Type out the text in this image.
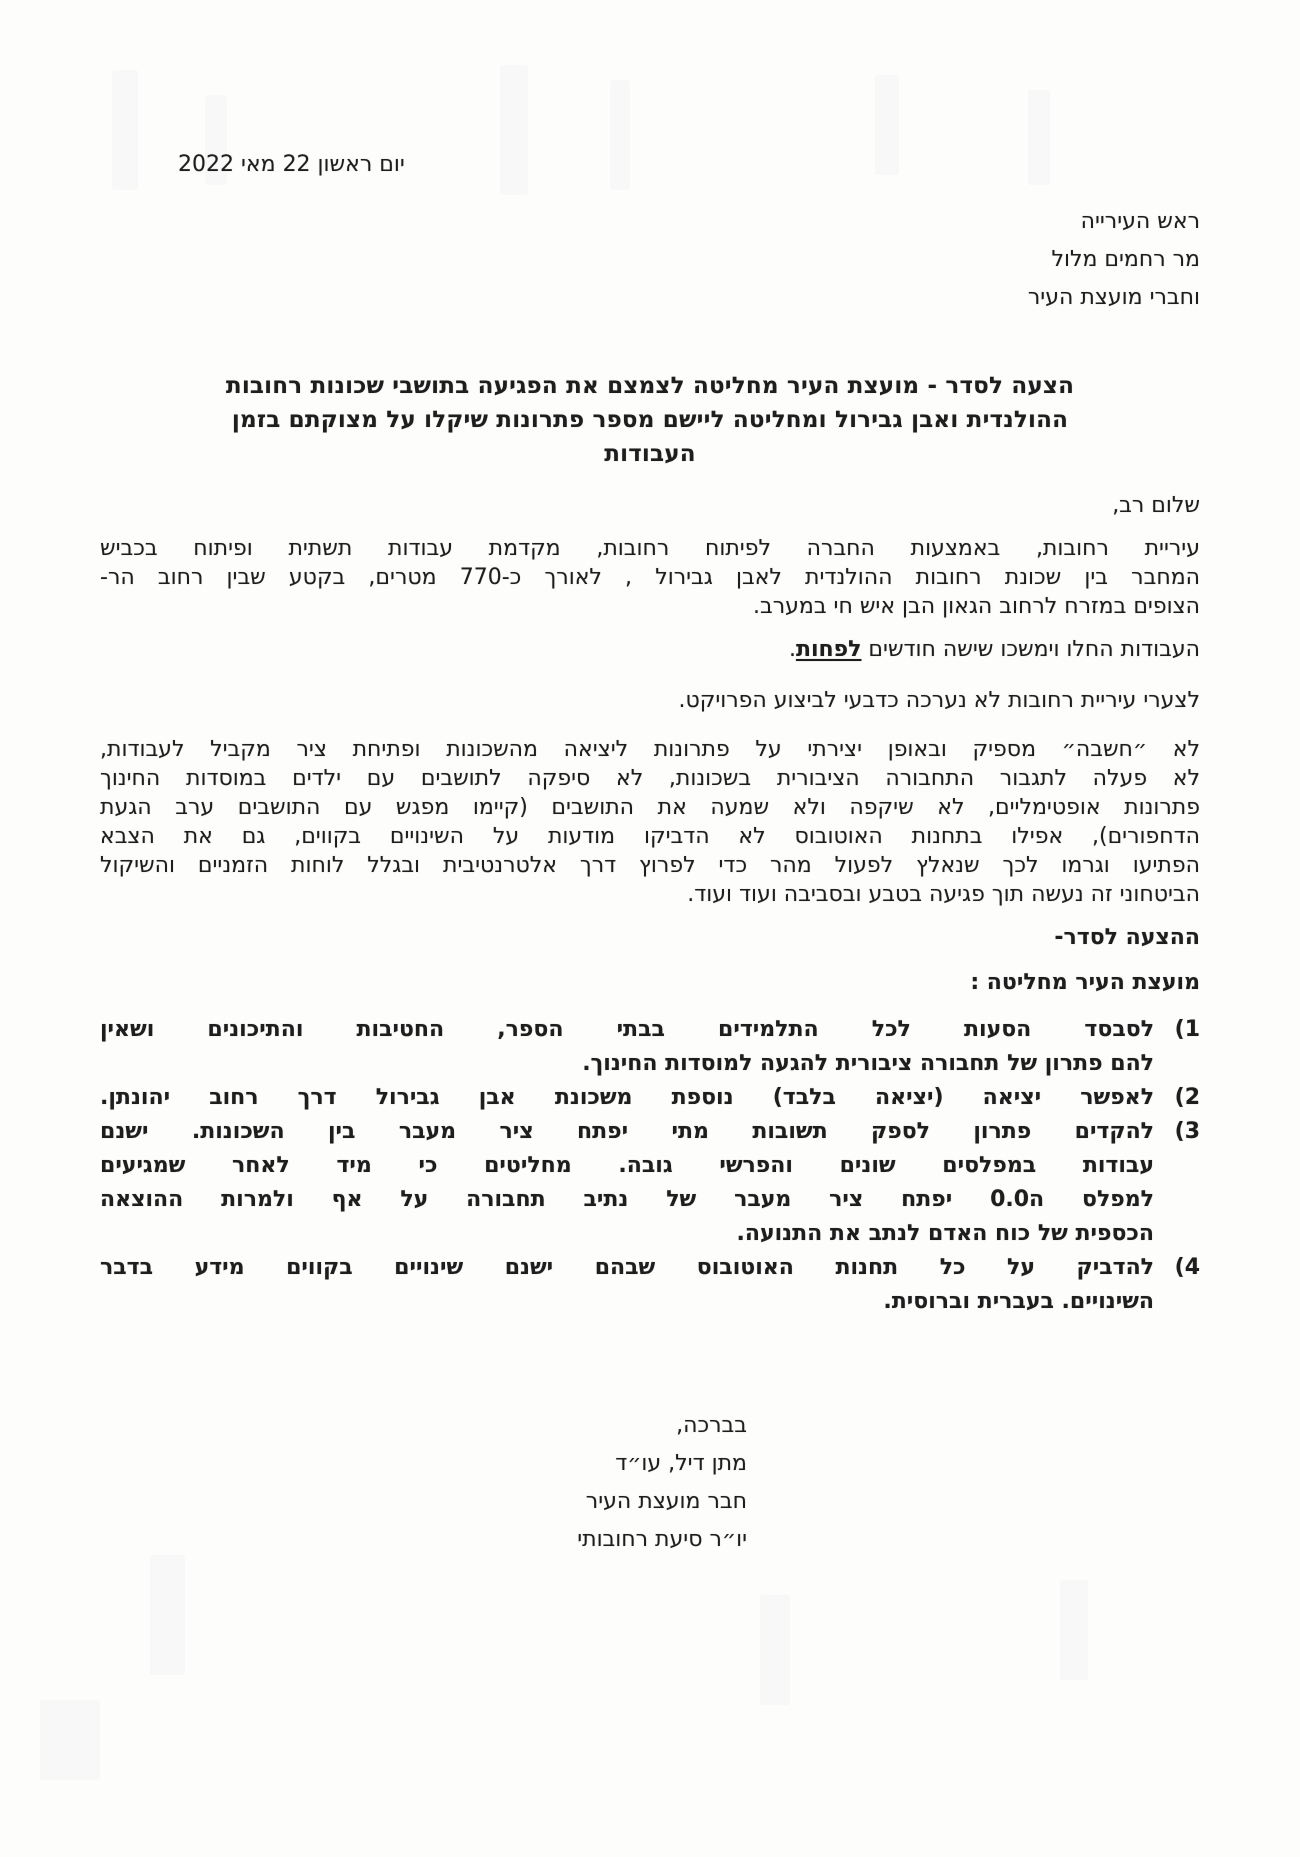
יום ראשון 22 מאי 2022
ראש העירייה
מר רחמים מלול
וחברי מועצת העיר
הצעה לסדר - מועצת העיר מחליטה לצמצם את הפגיעה בתושבי שכונות רחובות
ההולנדית ואבן גבירול ומחליטה ליישם מספר פתרונות שיקלו על מצוקתם בזמן
העבודות
שלום רב,
עיריית רחובות, באמצעות החברה לפיתוח רחובות, מקדמת עבודות תשתית ופיתוח בכביש
המחבר בין שכונת רחובות ההולנדית לאבן גבירול , לאורך כ-770 מטרים, בקטע שבין רחוב הר-
הצופים במזרח לרחוב הגאון הבן איש חי במערב.
העבודות החלו וימשכו שישה חודשים לפחות.
לצערי עיריית רחובות לא נערכה כדבעי לביצוע הפרויקט.
לא ״חשבה״ מספיק ובאופן יצירתי על פתרונות ליציאה מהשכונות ופתיחת ציר מקביל לעבודות,
לא פעלה לתגבור התחבורה הציבורית בשכונות, לא סיפקה לתושבים עם ילדים במוסדות החינוך
פתרונות אופטימליים, לא שיקפה ולא שמעה את התושבים (קיימו מפגש עם התושבים ערב הגעת
הדחפורים), אפילו בתחנות האוטובוס לא הדביקו מודעות על השינויים בקווים, גם את הצבא
הפתיעו וגרמו לכך שנאלץ לפעול מהר כדי לפרוץ דרך אלטרנטיבית ובגלל לוחות הזמניים והשיקול
הביטחוני זה נעשה תוך פגיעה בטבע ובסביבה ועוד ועוד.
ההצעה לסדר-
מועצת העיר מחליטה :
1)
לסבסד הסעות לכל התלמידים בבתי הספר, החטיבות והתיכונים ושאין
להם פתרון של תחבורה ציבורית להגעה למוסדות החינוך.
2)
לאפשר יציאה (יציאה בלבד) נוספת משכונת אבן גבירול דרך רחוב יהונתן.
3)
להקדים פתרון לספק תשובות מתי יפתח ציר מעבר בין השכונות. ישנם
עבודות במפלסים שונים והפרשי גובה. מחליטים כי מיד לאחר שמגיעים
למפלס ה0.0 יפתח ציר מעבר של נתיב תחבורה על אף ולמרות ההוצאה
הכספית של כוח האדם לנתב את התנועה.
4)
להדביק על כל תחנות האוטובוס שבהם ישנם שינויים בקווים מידע בדבר
השינויים. בעברית וברוסית.
בברכה,
מתן דיל, עו״ד
חבר מועצת העיר
יו״ר סיעת רחובותי
